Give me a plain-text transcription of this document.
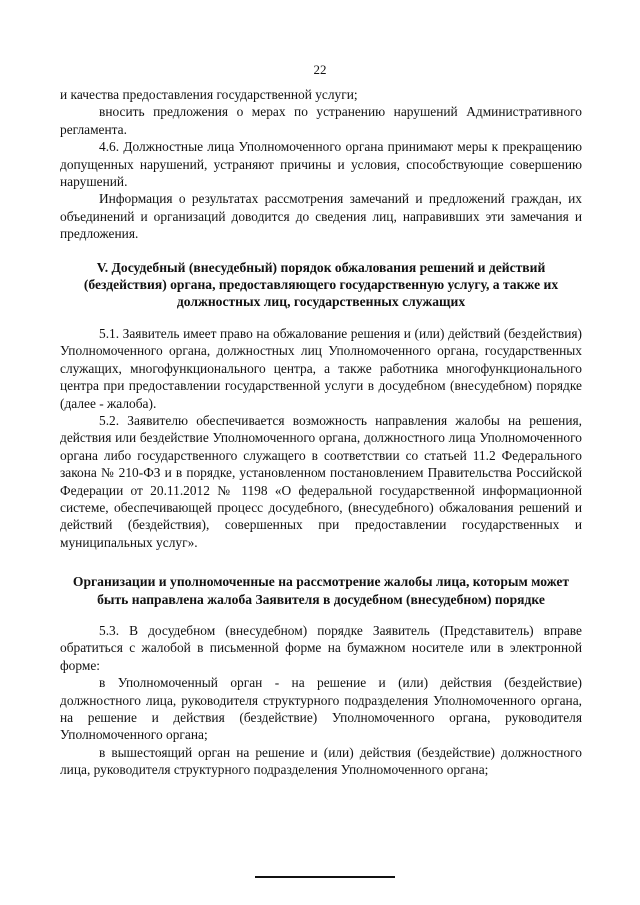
22

и качества предоставления государственной услуги;

вносить предложения о мерах по устранению нарушений Административного регламента.

4.6. Должностные лица Уполномоченного органа принимают меры к прекращению допущенных нарушений, устраняют причины и условия, способствующие совершению нарушений.

Информация о результатах рассмотрения замечаний и предложений граждан, их объединений и организаций доводится до сведения лиц, направивших эти замечания и предложения.

V. Досудебный (внесудебный) порядок обжалования решений и действий (бездействия) органа, предоставляющего государственную услугу, а также их должностных лиц, государственных служащих

5.1. Заявитель имеет право на обжалование решения и (или) действий (бездействия) Уполномоченного органа, должностных лиц Уполномоченного органа, государственных служащих, многофункционального центра, а также работника многофункционального центра при предоставлении государственной услуги в досудебном (внесудебном) порядке (далее - жалоба).

5.2. Заявителю обеспечивается возможность направления жалобы на решения, действия или бездействие Уполномоченного органа, должностного лица Уполномоченного органа либо государственного служащего в соответствии со статьей 11.2 Федерального закона № 210-ФЗ и в порядке, установленном постановлением Правительства Российской Федерации от 20.11.2012 № 1198 «О федеральной государственной информационной системе, обеспечивающей процесс досудебного, (внесудебного) обжалования решений и действий (бездействия), совершенных при предоставлении государственных и муниципальных услуг».

Организации и уполномоченные на рассмотрение жалобы лица, которым может быть направлена жалоба Заявителя в досудебном (внесудебном) порядке

5.3. В досудебном (внесудебном) порядке Заявитель (Представитель) вправе обратиться с жалобой в письменной форме на бумажном носителе или в электронной форме:

в Уполномоченный орган - на решение и (или) действия (бездействие) должностного лица, руководителя структурного подразделения Уполномоченного органа, на решение и действия (бездействие) Уполномоченного органа, руководителя Уполномоченного органа;

в вышестоящий орган на решение и (или) действия (бездействие) должностного лица, руководителя структурного подразделения Уполномоченного органа;
